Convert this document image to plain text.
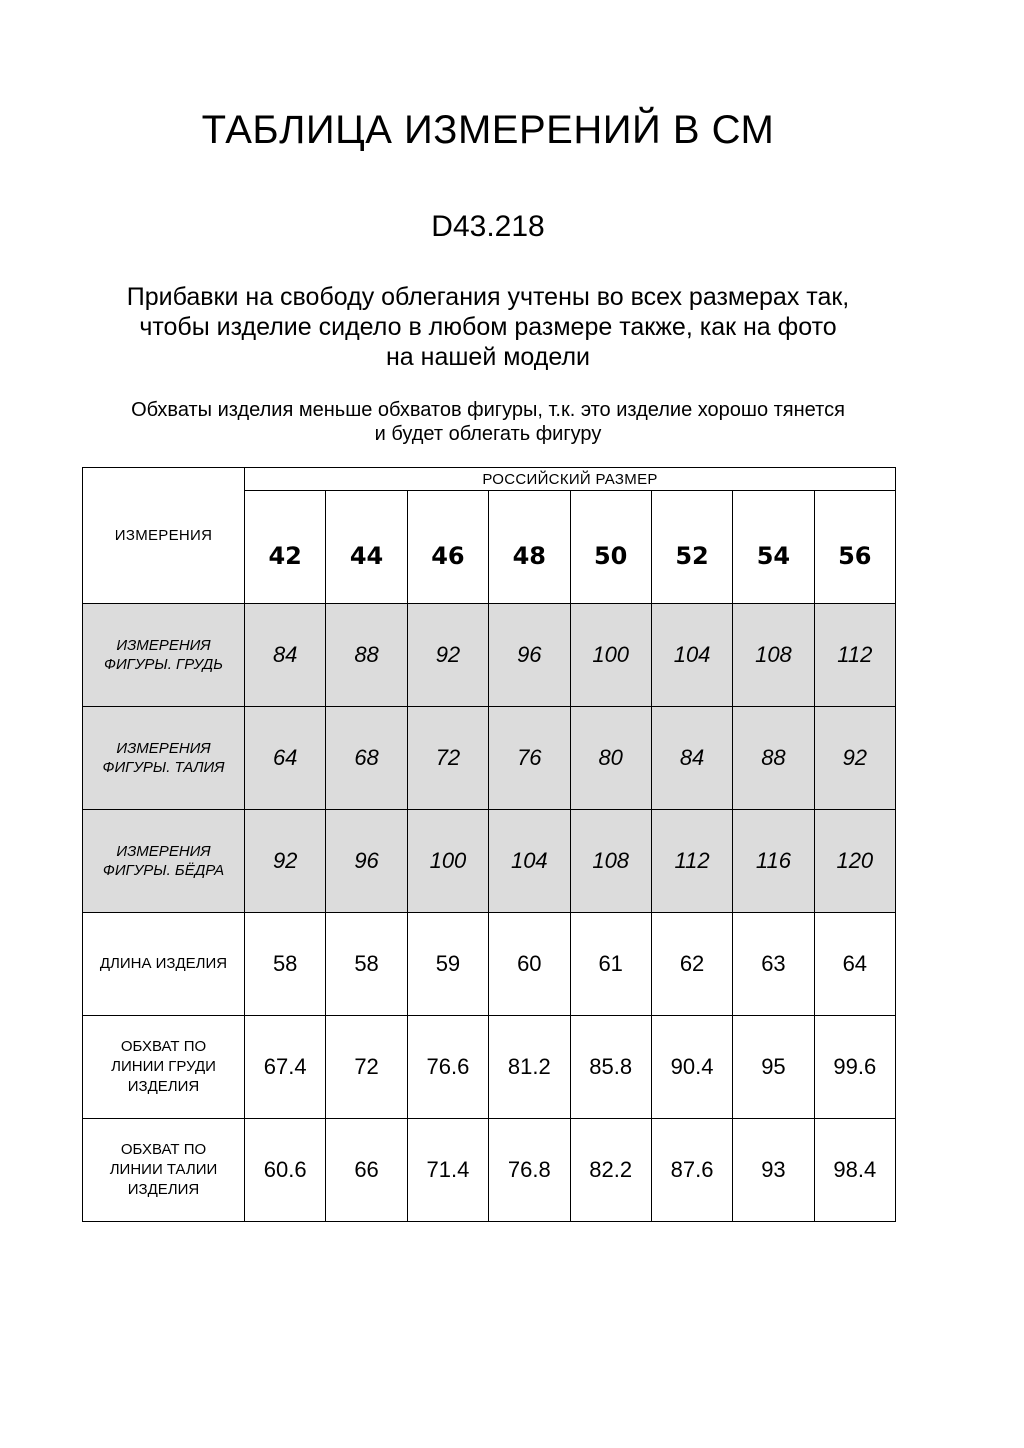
ТАБЛИЦА ИЗМЕРЕНИЙ В СМ
D43.218
Прибавки на свободу облегания учтены во всех размерах так,
чтобы изделие сидело в любом размере также, как на фото
на нашей модели
Обхваты изделия меньше обхватов фигуры, т.к. это изделие хорошо тянется
и будет облегать фигуру
ИЗМЕРЕНИЯ	РОССИЙСКИЙ РАЗМЕР							
	42	44	46	48	50	52	54	56

ИЗМЕРЕНИЯ
ФИГУРЫ. ГРУДЬ	84	88	92	96	100	104	108	112

ИЗМЕРЕНИЯ
ФИГУРЫ. ТАЛИЯ	64	68	72	76	80	84	88	92

ИЗМЕРЕНИЯ
ФИГУРЫ. БЁДРА	92	96	100	104	108	112	116	120

ДЛИНА ИЗДЕЛИЯ	58	58	59	60	61	62	63	64

ОБХВАТ ПО
ЛИНИИ ГРУДИ
ИЗДЕЛИЯ	67.4	72	76.6	81.2	85.8	90.4	95	99.6

ОБХВАТ ПО
ЛИНИИ ТАЛИИ
ИЗДЕЛИЯ	60.6	66	71.4	76.8	82.2	87.6	93	98.4
